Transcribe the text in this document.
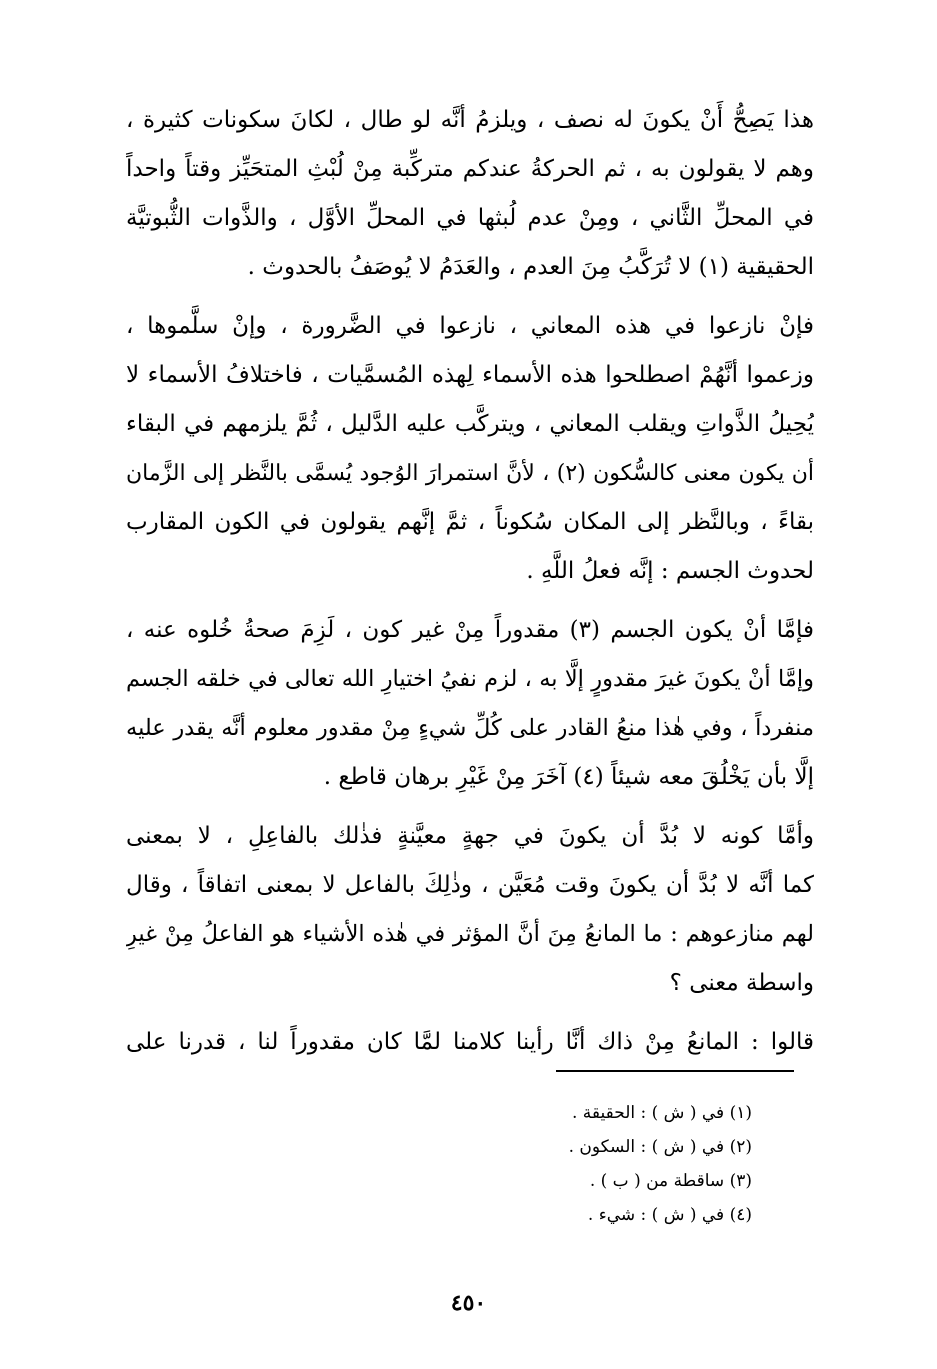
هذا يَصِحُّ أَنْ يكونَ له نصف ، ويلزمُ أنَّه لو طال ، لكانَ سكونات كثيرة ،
وهم لا يقولون به ، ثم الحركةُ عندكم متركِّبة مِنْ لُبْثِ المتحَيِّز وقتاً واحداً
في المحلِّ الثَّاني ، ومِنْ عدم لُبثها في المحلِّ الأوَّل ، والذَّوات الثُّبوتيَّة
الحقيقية (١) لا تُرَكَّبُ مِنَ العدم ، والعَدَمُ لا يُوصَفُ بالحدوث .
فإنْ نازعوا في هذه المعاني ، نازعوا في الضَّرورة ، وإنْ سلَّموها ،
وزعموا أنَّهُمْ اصطلحوا هذه الأسماء لِهذه المُسمَّيات ، فاختلافُ الأسماء لا
يُحِيلُ الذَّواتِ ويقلب المعاني ، ويتركَّب عليه الدَّليل ، ثُمَّ يلزمهم في البقاء
أن يكون معنى كالسُّكون (٢) ، لأنَّ استمرارَ الوُجود يُسمَّى بالنَّظر إلى الزَّمان
بقاءً ، وبالنَّظر إلى المكان سُكوناً ، ثمَّ إنَّهم يقولون في الكون المقارب
لحدوث الجسم : إنَّه فعلُ اللَّهِ .
فإمَّا أنْ يكون الجسم (٣) مقدوراً مِنْ غير كون ، لَزِمَ صحةُ خُلوه عنه ،
وإمَّا أنْ يكونَ غيرَ مقدورٍ إلَّا به ، لزم نفيُ اختيارِ الله تعالى في خلقه الجسم
منفرداً ، وفي هٰذا منعُ القادر على كُلِّ شيءٍ مِنْ مقدور معلوم أنَّه يقدر عليه
إلَّا بأن يَخْلُقَ معه شيئاً (٤) آخَرَ مِنْ غَيْرِ برهان قاطع .
وأمَّا كونه لا بُدَّ أن يكونَ في جهةٍ معيَّنةٍ فذٰلك بالفاعِلِ ، لا بمعنى
كما أنَّه لا بُدَّ أن يكونَ وقت مُعَيَّن ، وذٰلِكَ بالفاعل لا بمعنى اتفاقاً ، وقال
لهم منازعوهم : ما المانعُ مِنَ أنَّ المؤثر في هٰذه الأشياء هو الفاعلُ مِنْ غيرِ
واسطة معنى ؟
قالوا : المانعُ مِنْ ذاك أنَّا رأينا كلامنا لمَّا كان مقدوراً لنا ، قدرنا على
(١) في ( ش ) : الحقيقة .
(٢) في ( ش ) : السكون .
(٣) ساقطة من ( ب ) .
(٤) في ( ش ) : شيء .
٤٥٠
